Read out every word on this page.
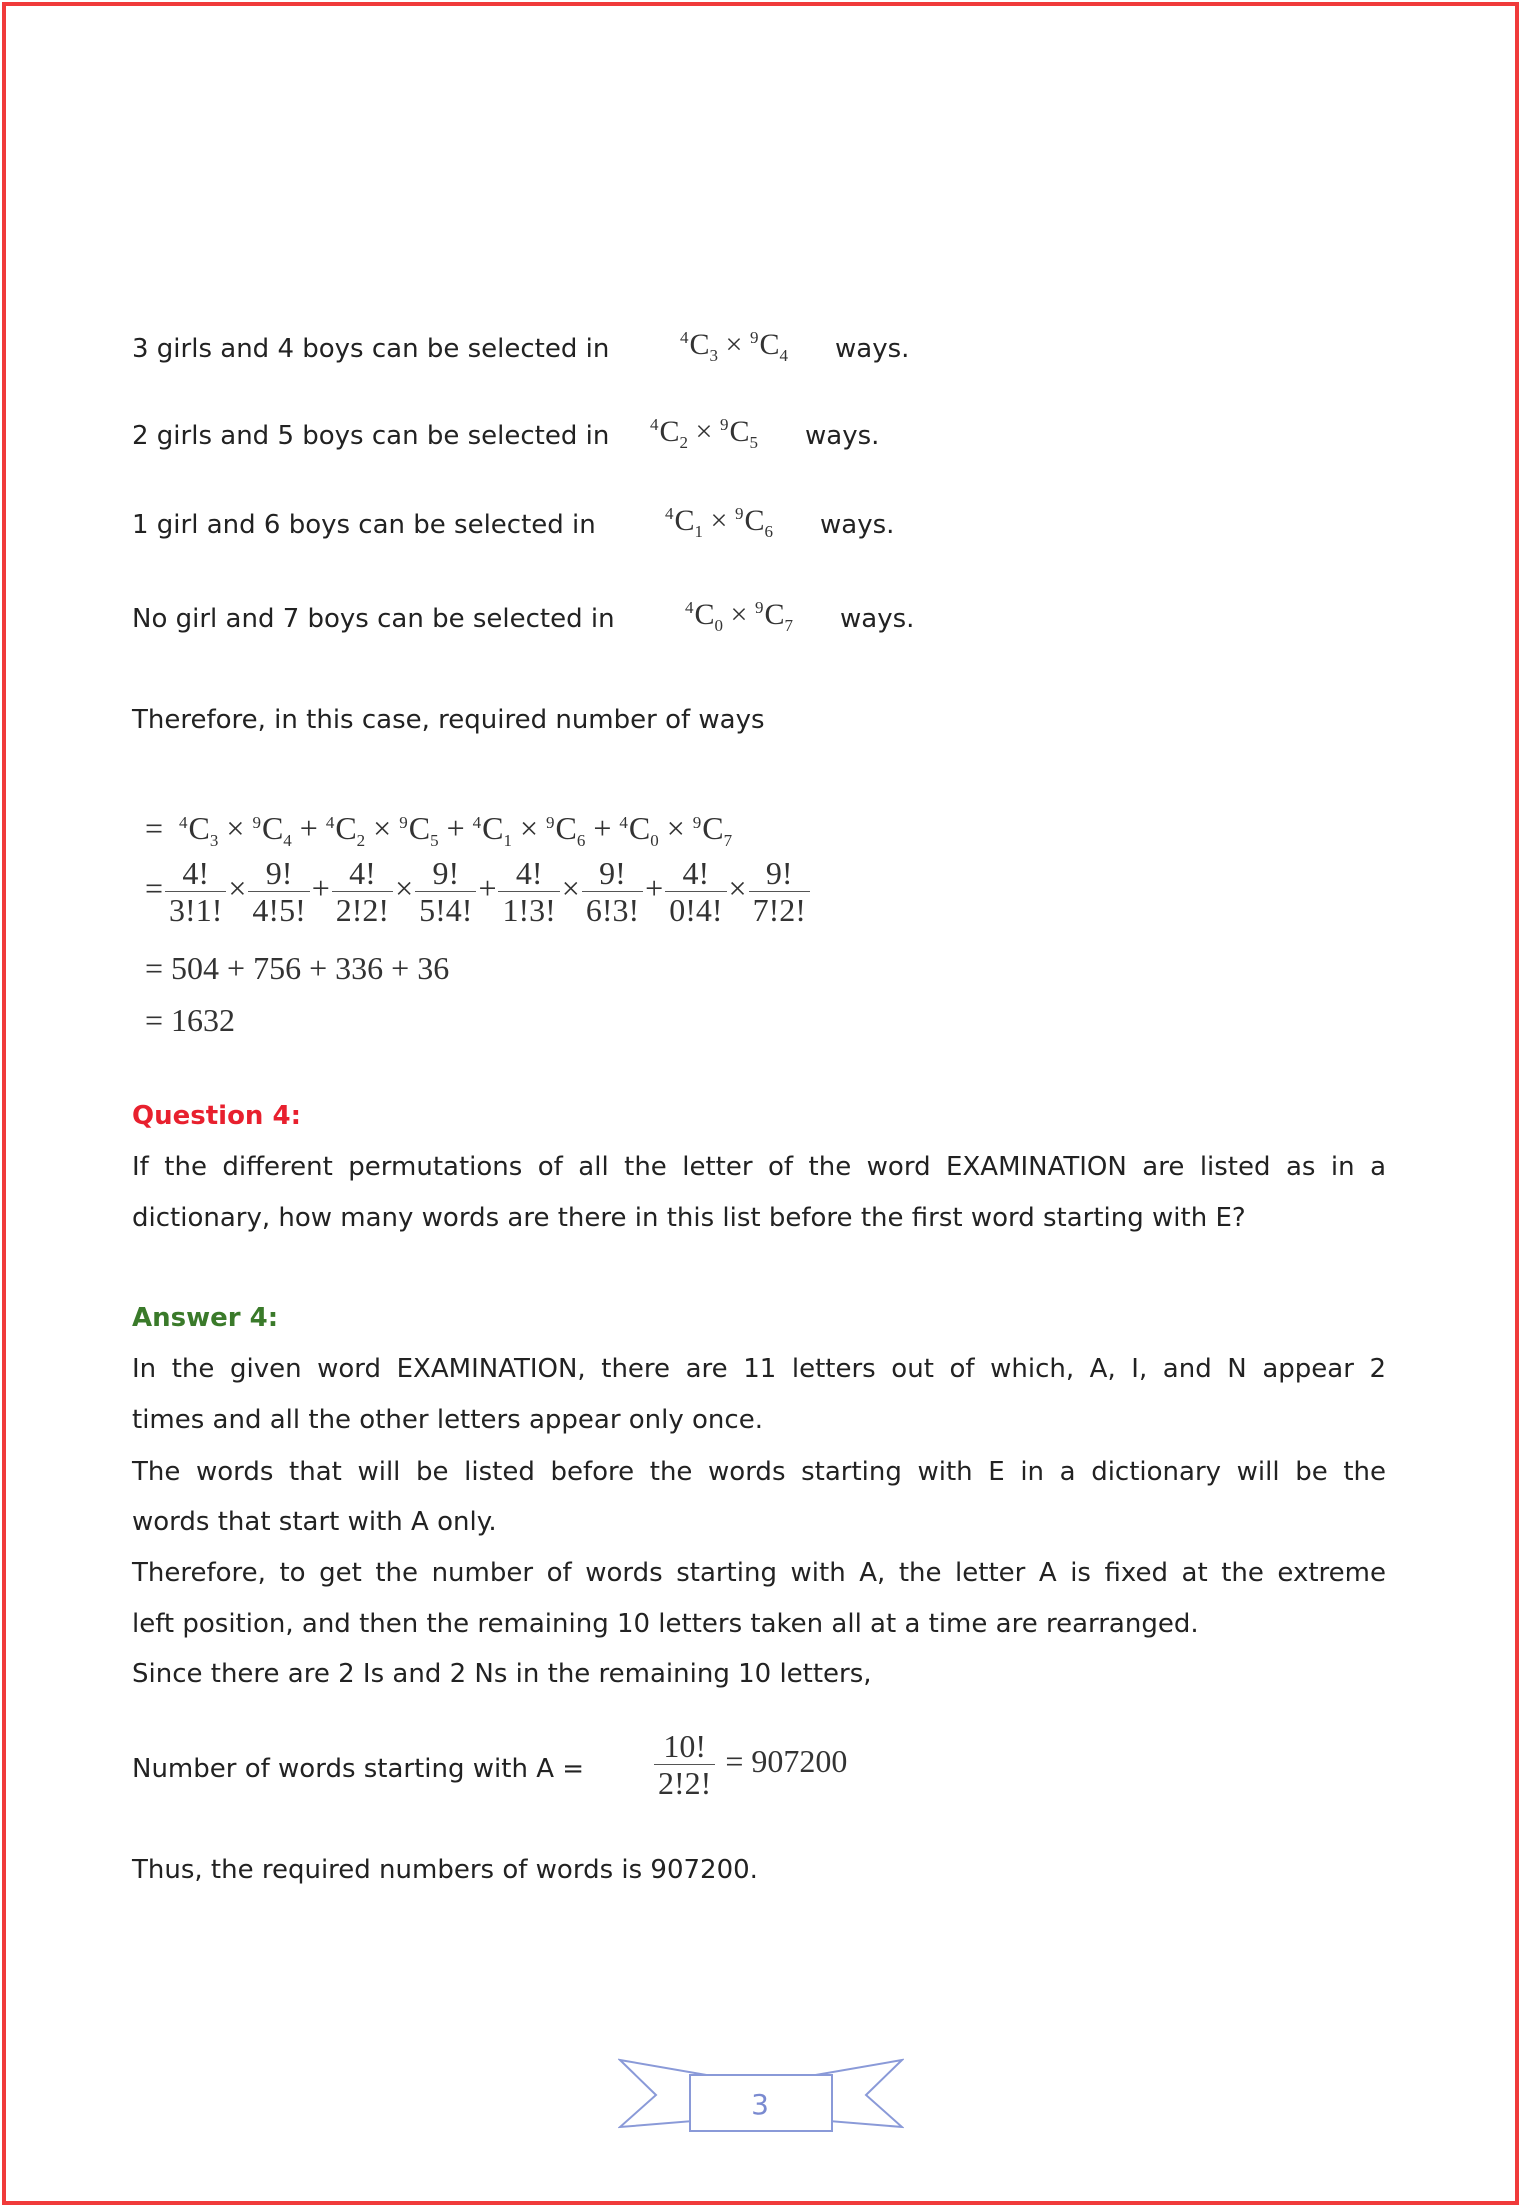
3 girls and 4 boys can be selected in	$^4C_3 \times ^9C_4$ ways.
2 girls and 5 boys can be selected in $^4C_2 \times ^9C_5$ ways.
1 girl and 6 boys can be selected in	$^4C_1 \times ^9C_6$ ways.
No girl and 7 boys can be selected in	$^4C_0 \times ^9C_7$ ways.
Therefore, in this case, required number of ways
=  $^4C_3 \times ^9C_4 + ^4C_2 \times ^9C_5 + ^4C_1 \times ^9C_6 + ^4C_0 \times ^9C_7$
= $\frac{4!}{3!1!} \times \frac{9!}{4!5!} + \frac{4!}{2!2!} \times \frac{9!}{5!4!} + \frac{4!}{1!3!} \times \frac{9!}{6!3!} + \frac{4!}{0!4!} \times \frac{9!}{7!2!}$
= 504 + 756 + 336 + 36
= 1632
Question 4:
If the different permutations of all the letter of the word EXAMINATION are listed as in a
dictionary, how many words are there in this list before the first word starting with E?
Answer 4:
In the given word EXAMINATION, there are 11 letters out of which, A, I, and N appear 2
times and all the other letters appear only once.
The words that will be listed before the words starting with E in a dictionary will be the
words that start with A only.
Therefore, to get the number of words starting with A, the letter A is fixed at the extreme
left position, and then the remaining 10 letters taken all at a time are rearranged.
Since there are 2 Is and 2 Ns in the remaining 10 letters,
Number of words starting with $A = \frac{10!}{2!2!} = 907200$
Thus, the required numbers of words is 907200.
3
